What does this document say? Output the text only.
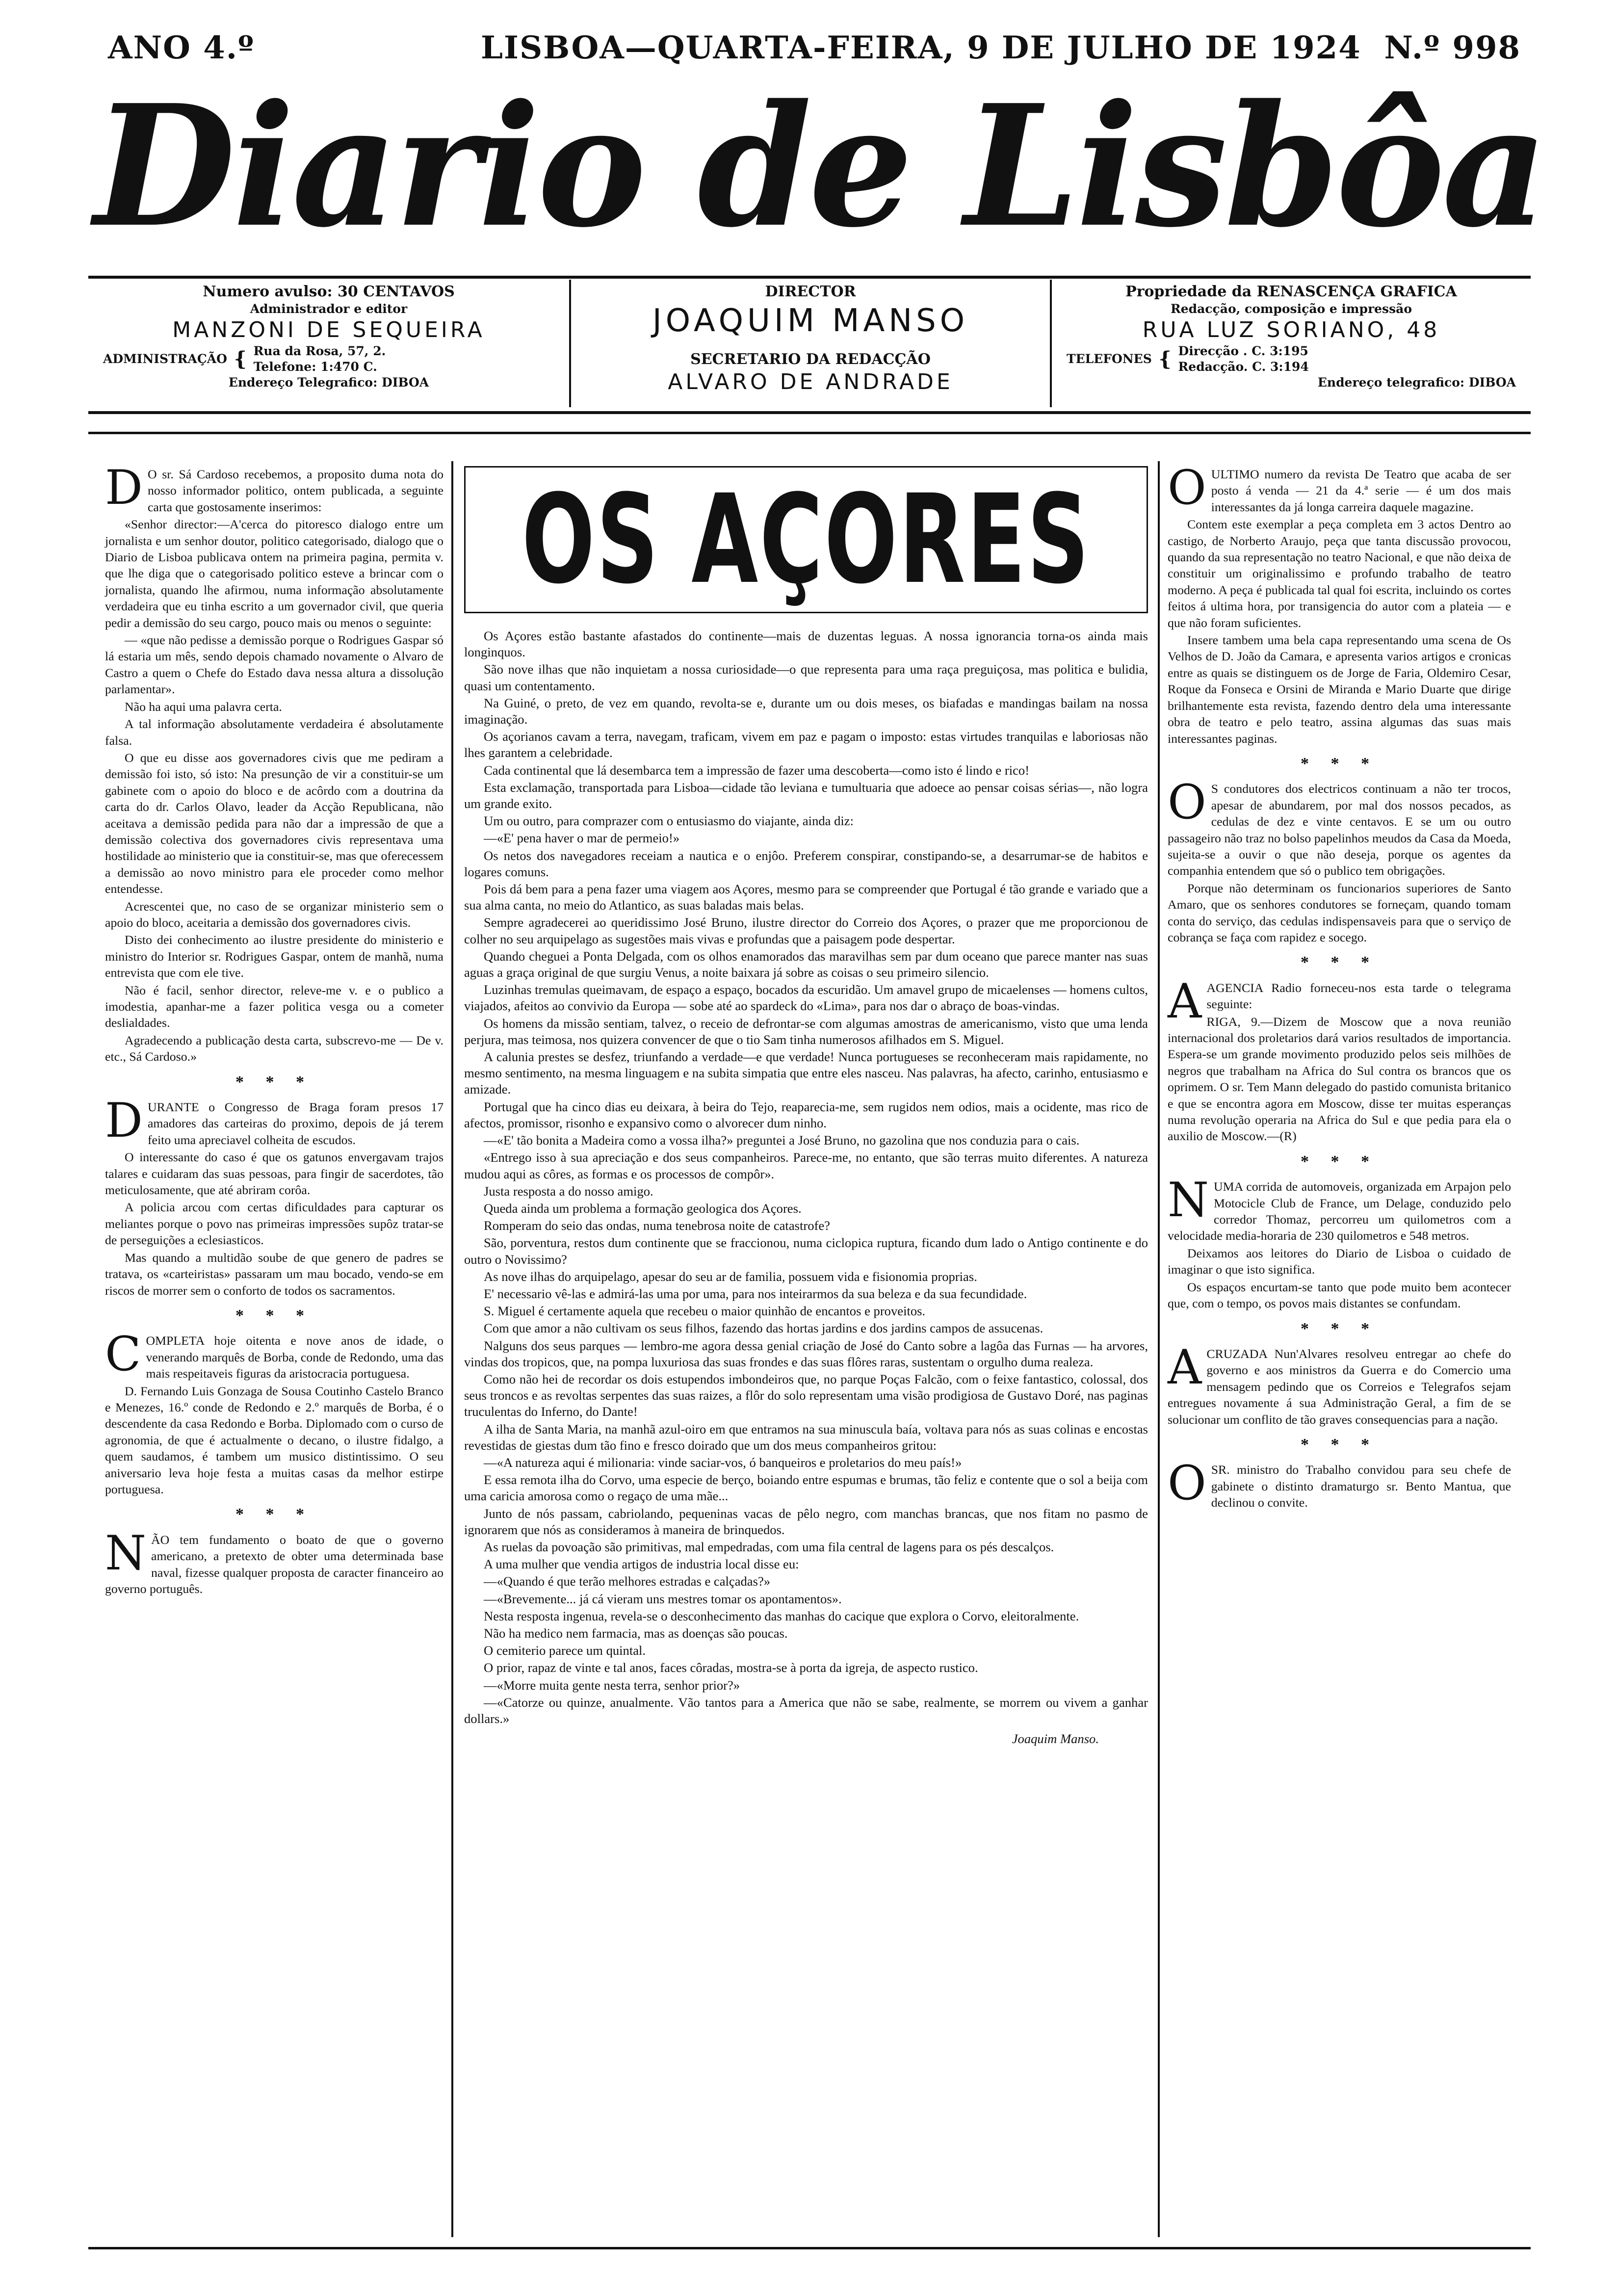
ANO 4.º	LISBOA—QUARTA-FEIRA, 9 DE JULHO DE 1924 N.º 998
Diario de Lisbôa
Numero avulso: 30 CENTAVOS
Administrador e editor
MANZONI DE SEQUEIRA
ADMINISTRAÇÃO { Rua da Rosa, 57, 2.
Telefone: 1:470 C.
Endereço Telegrafico: DIBOA
DIRECTOR
JOAQUIM MANSO
SECRETARIO DA REDACÇÃO
ALVARO DE ANDRADE
Propriedade da RENASCENÇA GRAFICA
Redacção, composição e impressão
RUA LUZ SORIANO, 48
TELEFONES { Direcção . C. 3:195
Redacção. C. 3:194
Endereço telegrafico: DIBOA

D O sr. Sá Cardoso recebemos, a proposito duma nota do nosso informador politico, ontem publicada, a seguinte carta que gostosamente inserimos:

«Senhor director:—A'cerca do pitoresco dialogo entre um jornalista e um senhor doutor, politico categorisado, dialogo que o Diario de Lisboa publicava ontem na primeira pagina, permita v. que lhe diga que o categorisado politico esteve a brincar com o jornalista, quando lhe afirmou, numa informação absolutamente verdadeira que eu tinha escrito a um governador civil, que queria pedir a demissão do seu cargo, pouco mais ou menos o seguinte:

— «que não pedisse a demissão porque o Rodrigues Gaspar só lá estaria um mês, sendo depois chamado novamente o Alvaro de Castro a quem o Chefe do Estado dava nessa altura a dissolução parlamentar».

Não ha aqui uma palavra certa.

A tal informação absolutamente verdadeira é absolutamente falsa.

O que eu disse aos governadores civis que me pediram a demissão foi isto, só isto: Na presunção de vir a constituir-se um gabinete com o apoio do bloco e de acôrdo com a doutrina da carta do dr. Carlos Olavo, leader da Acção Republicana, não aceitava a demissão pedida para não dar a impressão de que a demissão colectiva dos governadores civis representava uma hostilidade ao ministerio que ia constituir-se, mas que oferecessem a demissão ao novo ministro para ele proceder como melhor entendesse.

Acrescentei que, no caso de se organizar ministerio sem o apoio do bloco, aceitaria a demissão dos governadores civis.

Disto dei conhecimento ao ilustre presidente do ministerio e ministro do Interior sr. Rodrigues Gaspar, ontem de manhã, numa entrevista que com ele tive.

Não é facil, senhor director, releve-me v. e o publico a imodestia, apanhar-me a fazer politica vesga ou a cometer deslialdades.

Agradecendo a publicação desta carta, subscrevo-me — De v. etc., Sá Cardoso.»

* * *

DURANTE o Congresso de Braga foram presos 17 amadores das carteiras do proximo, depois de já terem feito uma apreciavel colheita de escudos.

O interessante do caso é que os gatunos envergavam trajos talares e cuidaram das suas pessoas, para fingir de sacerdotes, tão meticulosamente, que até abriram corôa.

A policia arcou com certas dificuldades para capturar os meliantes porque o povo nas primeiras impressões supôz tratar-se de perseguições a eclesiasticos.

Mas quando a multidão soube de que genero de padres se tratava, os «carteiristas» passaram um mau bocado, vendo-se em riscos de morrer sem o conforto de todos os sacramentos.

* * *

COMPLETA hoje oitenta e nove anos de idade, o venerando marquês de Borba, conde de Redondo, uma das mais respeitaveis figuras da aristocracia portuguesa.

D. Fernando Luis Gonzaga de Sousa Coutinho Castelo Branco e Menezes, 16.º conde de Redondo e 2.º marquês de Borba, é o descendente da casa Redondo e Borba. Diplomado com o curso de agronomia, de que é actualmente o decano, o ilustre fidalgo, a quem saudamos, é tambem um musico distintissimo. O seu aniversario leva hoje festa a muitas casas da melhor estirpe portuguesa.

* * *

NÃO tem fundamento o boato de que o governo americano, a pretexto de obter uma determinada base naval, fizesse qualquer proposta de caracter financeiro ao governo português.

OS AÇORES

Os Açores estão bastante afastados do continente—mais de duzentas leguas. A nossa ignorancia torna-os ainda mais longinquos.

São nove ilhas que não inquietam a nossa curiosidade—o que representa para uma raça preguiçosa, mas politica e bulidia, quasi um contentamento.

Na Guiné, o preto, de vez em quando, revolta-se e, durante um ou dois meses, os biafadas e mandingas bailam na nossa imaginação.

Os açorianos cavam a terra, navegam, traficam, vivem em paz e pagam o imposto: estas virtudes tranquilas e laboriosas não lhes garantem a celebridade.

Cada continental que lá desembarca tem a impressão de fazer uma descoberta—como isto é lindo e rico!

Esta exclamação, transportada para Lisboa—cidade tão leviana e tumultuaria que adoece ao pensar coisas sérias—, não logra um grande exito.

Um ou outro, para comprazer com o entusiasmo do viajante, ainda diz:

—«E' pena haver o mar de permeio!»

Os netos dos navegadores receiam a nautica e o enjôo. Preferem conspirar, constipando-se, a desarrumar-se de habitos e logares comuns.

Pois dá bem para a pena fazer uma viagem aos Açores, mesmo para se compreender que Portugal é tão grande e variado que a sua alma canta, no meio do Atlantico, as suas baladas mais belas.

Sempre agradecerei ao queridissimo José Bruno, ilustre director do Correio dos Açores, o prazer que me proporcionou de colher no seu arquipelago as sugestões mais vivas e profundas que a paisagem pode despertar.

Quando cheguei a Ponta Delgada, com os olhos enamorados das maravilhas sem par dum oceano que parece manter nas suas aguas a graça original de que surgiu Venus, a noite baixara já sobre as coisas o seu primeiro silencio.

Luzinhas tremulas queimavam, de espaço a espaço, bocados da escuridão. Um amavel grupo de micaelenses — homens cultos, viajados, afeitos ao convivio da Europa — sobe até ao spardeck do «Lima», para nos dar o abraço de boas-vindas.

Os homens da missão sentiam, talvez, o receio de defrontar-se com algumas amostras de americanismo, visto que uma lenda perjura, mas teimosa, nos quizera convencer de que o tio Sam tinha numerosos afilhados em S. Miguel.

A calunia prestes se desfez, triunfando a verdade—e que verdade! Nunca portugueses se reconheceram mais rapidamente, no mesmo sentimento, na mesma linguagem e na subita simpatia que entre eles nasceu. Nas palavras, ha afecto, carinho, entusiasmo e amizade.

Portugal que ha cinco dias eu deixara, à beira do Tejo, reaparecia-me, sem rugidos nem odios, mais a ocidente, mas rico de afectos, promissor, risonho e expansivo como o alvorecer dum ninho.

—«E' tão bonita a Madeira como a vossa ilha?» preguntei a José Bruno, no gazolina que nos conduzia para o cais.

«Entrego isso à sua apreciação e dos seus companheiros. Parece-me, no entanto, que são terras muito diferentes. A natureza mudou aqui as côres, as formas e os processos de compôr».

Justa resposta a do nosso amigo.

Queda ainda um problema a formação geologica dos Açores.

Romperam do seio das ondas, numa tenebrosa noite de catastrofe?

São, porventura, restos dum continente que se fraccionou, numa ciclopica ruptura, ficando dum lado o Antigo continente e do outro o Novissimo?

As nove ilhas do arquipelago, apesar do seu ar de familia, possuem vida e fisionomia proprias.

E' necessario vê-las e admirá-las uma por uma, para nos inteirarmos da sua beleza e da sua fecundidade.

S. Miguel é certamente aquela que recebeu o maior quinhão de encantos e proveitos.

Com que amor a não cultivam os seus filhos, fazendo das hortas jardins e dos jardins campos de assucenas.

Nalguns dos seus parques — lembro-me agora dessa genial criação de José do Canto sobre a lagôa das Furnas — ha arvores, vindas dos tropicos, que, na pompa luxuriosa das suas frondes e das suas flôres raras, sustentam o orgulho duma realeza.

Como não hei de recordar os dois estupendos imbondeiros que, no parque Poças Falcão, com o feixe fantastico, colossal, dos seus troncos e as revoltas serpentes das suas raizes, a flôr do solo representam uma visão prodigiosa de Gustavo Doré, nas paginas truculentas do Inferno, do Dante!

A ilha de Santa Maria, na manhã azul-oiro em que entramos na sua minuscula baía, voltava para nós as suas colinas e encostas revestidas de giestas dum tão fino e fresco doirado que um dos meus companheiros gritou:

—«A natureza aqui é milionaria: vinde saciar-vos, ó banqueiros e proletarios do meu país!»

E essa remota ilha do Corvo, uma especie de berço, boiando entre espumas e brumas, tão feliz e contente que o sol a beija com uma caricia amorosa como o regaço de uma mãe...

Junto de nós passam, cabriolando, pequeninas vacas de pêlo negro, com manchas brancas, que nos fitam no pasmo de ignorarem que nós as consideramos à maneira de brinquedos.

As ruelas da povoação são primitivas, mal empedradas, com uma fila central de lagens para os pés descalços.

A uma mulher que vendia artigos de industria local disse eu:

—«Quando é que terão melhores estradas e calçadas?»

—«Brevemente... já cá vieram uns mestres tomar os apontamentos».

Nesta resposta ingenua, revela-se o desconhecimento das manhas do cacique que explora o Corvo, eleitoralmente.

Não ha medico nem farmacia, mas as doenças são poucas.

O cemiterio parece um quintal.

O prior, rapaz de vinte e tal anos, faces côradas, mostra-se à porta da igreja, de aspecto rustico.

—«Morre muita gente nesta terra, senhor prior?»

—«Catorze ou quinze, anualmente. Vão tantos para a America que não se sabe, realmente, se morrem ou vivem a ganhar dollars.»

Joaquim Manso.

OULTIMO numero da revista De Teatro que acaba de ser posto á venda — 21 da 4.ª serie — é um dos mais interessantes da já longa carreira daquele magazine.

Contem este exemplar a peça completa em 3 actos Dentro ao castigo, de Norberto Araujo, peça que tanta discussão provocou, quando da sua representação no teatro Nacional, e que não deixa de constituir um originalissimo e profundo trabalho de teatro moderno. A peça é publicada tal qual foi escrita, incluindo os cortes feitos á ultima hora, por transigencia do autor com a plateia — e que não foram suficientes.

Insere tambem uma bela capa representando uma scena de Os Velhos de D. João da Camara, e apresenta varios artigos e cronicas entre as quais se distinguem os de Jorge de Faria, Oldemiro Cesar, Roque da Fonseca e Orsini de Miranda e Mario Duarte que dirige brilhantemente esta revista, fazendo dentro dela uma interessante obra de teatro e pelo teatro, assina algumas das suas mais interessantes paginas.

* * *

O S condutores dos electricos continuam a não ter trocos, apesar de abundarem, por mal dos nossos pecados, as cedulas de dez e vinte centavos. E se um ou outro passageiro não traz no bolso papelinhos meudos da Casa da Moeda, sujeita-se a ouvir o que não deseja, porque os agentes da companhia entendem que só o publico tem obrigações.

Porque não determinam os funcionarios superiores de Santo Amaro, que os senhores condutores se forneçam, quando tomam conta do serviço, das cedulas indispensaveis para que o serviço de cobrança se faça com rapidez e socego.

* * *

AAGENCIA Radio forneceu-nos esta tarde o telegrama seguinte:

RIGA, 9.—Dizem de Moscow que a nova reunião internacional dos proletarios dará varios resultados de importancia. Espera-se um grande movimento produzido pelos seis milhões de negros que trabalham na Africa do Sul contra os brancos que os oprimem. O sr. Tem Mann delegado do pastido comunista britanico e que se encontra agora em Moscow, disse ter muitas esperanças numa revolução operaria na Africa do Sul e que pedia para ela o auxilio de Moscow.—(R)

* * *

NUMA corrida de automoveis, organizada em Arpajon pelo Motocicle Club de France, um Delage, conduzido pelo corredor Thomaz, percorreu um quilometros com a velocidade media-horaria de 230 quilometros e 548 metros.

Deixamos aos leitores do Diario de Lisboa o cuidado de imaginar o que isto significa.

Os espaços encurtam-se tanto que pode muito bem acontecer que, com o tempo, os povos mais distantes se confundam.

* * *

ACRUZADA Nun'Alvares resolveu entregar ao chefe do governo e aos ministros da Guerra e do Comercio uma mensagem pedindo que os Correios e Telegrafos sejam entregues novamente á sua Administração Geral, a fim de se solucionar um conflito de tão graves consequencias para a nação.

* * *

OSR. ministro do Trabalho convidou para seu chefe de gabinete o distinto dramaturgo sr. Bento Mantua, que declinou o convite.
